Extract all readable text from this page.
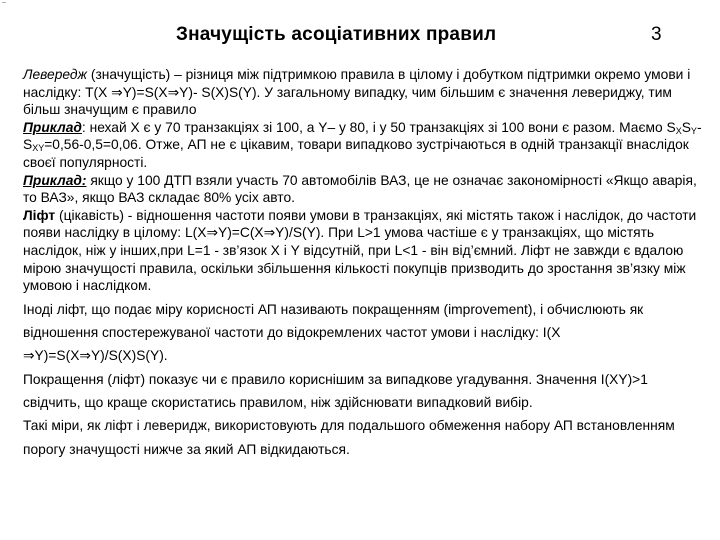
~
Значущість асоціативних правил	3

Левередж (значущість) – різниця між підтримкою правила в цілому і добутком підтримки окремо умови і наслідку: T(X ⇒Y)=S(X⇒Y)- S(X)S(Y). У загальному випадку, чим більшим є значення левериджу, тим більш значущим є правило

Приклад: нехай X є у 70 транзакціях зі 100, а Y– у 80, і у 50 транзакціях зі 100 вони є разом. Маємо $S_XS_Y-S_{XY}=0,56-0,5=0,06$. Отже, АП не є цікавим, товари випадково зустрічаються в одній транзакції внаслідок своєї популярності.

Приклад: якщо у 100 ДТП взяли участь 70 автомобілів ВАЗ, це не означає закономірності «Якщо аварія, то ВАЗ», якщо ВАЗ складає 80% усіх авто.

Ліфт (цікавість) - відношення частоти появи умови в транзакціях, які містять також і наслідок, до частоти появи наслідку в цілому: L(X⇒Y)=C(X⇒Y)/S(Y). При L>1 умова частіше є у транзакціях, що містять наслідок, ніж у інших,при L=1 - зв’язок X і Y відсутній, при L<1 - він від’ємний. Ліфт не завжди є вдалою мірою значущості правила, оскільки збільшення кількості покупців призводить до зростання зв’язку між умовою і наслідком.

Іноді ліфт, що подає міру корисності АП називають покращенням (improvement), і обчислюють як відношення спостережуваної частоти до відокремлених частот умови і наслідку: I(X ⇒Y)=S(X⇒Y)/S(X)S(Y).

Покращення (ліфт) показує чи є правило кориснішим за випадкове угадування. Значення I(XY)>1 свідчить, що краще скористатись правилом, ніж здійснювати випадковий вибір.

Такі міри, як ліфт і леверидж, використовують для подальшого обмеження набору АП встановленням порогу значущості нижче за який АП відкидаються.
